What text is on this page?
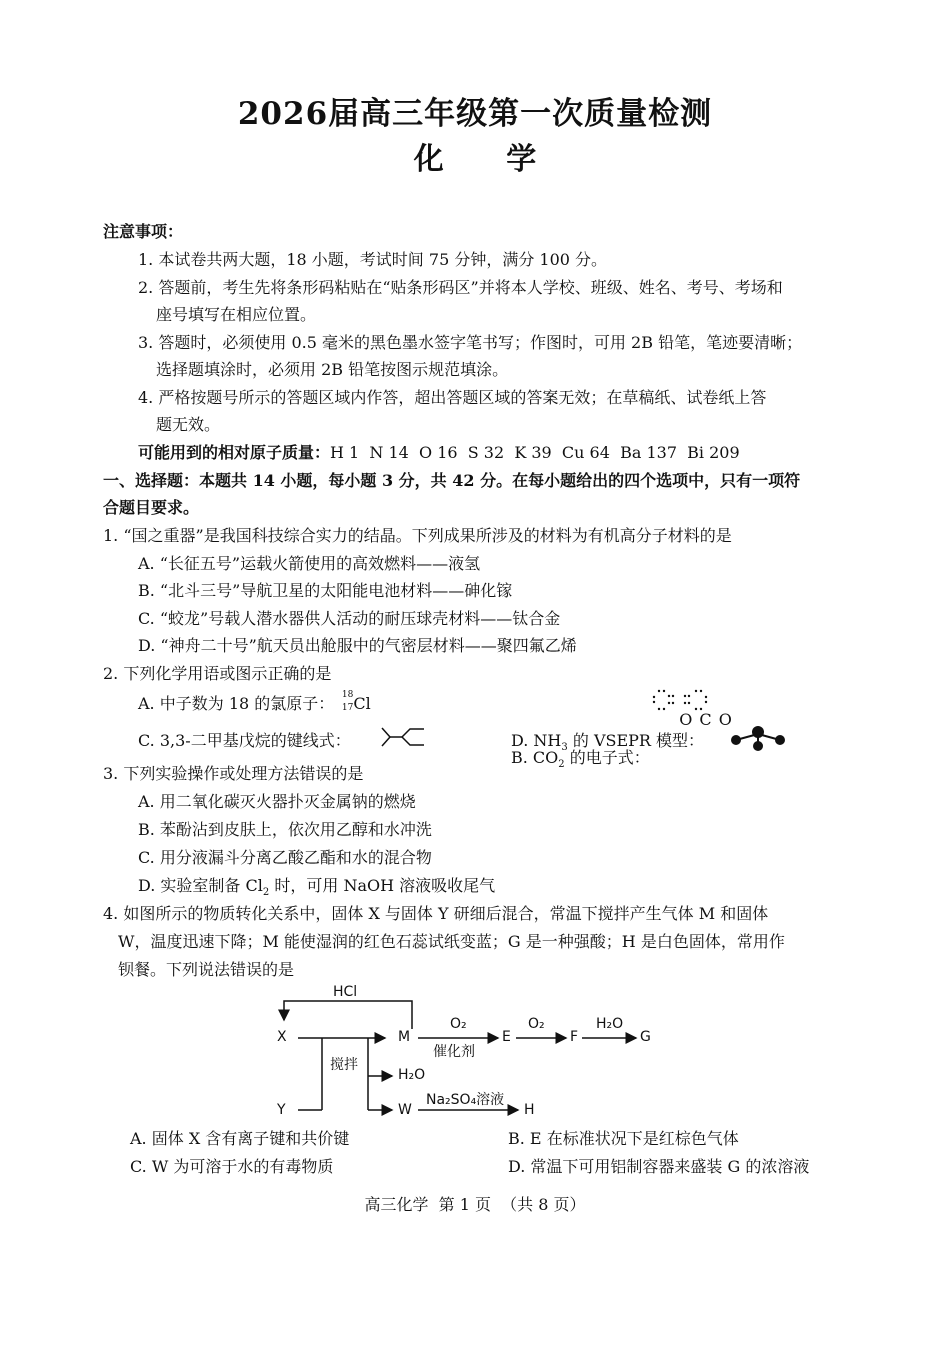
2026届高三年级第一次质量检测
化 学
注意事项：
1. 本试卷共两大题，18 小题，考试时间 75 分钟，满分 100 分。
2. 答题前，考生先将条形码粘贴在“贴条形码区”并将本人学校、班级、姓名、考号、考场和
座号填写在相应位置。
3. 答题时，必须使用 0.5 毫米的黑色墨水签字笔书写；作图时，可用 2B 铅笔，笔迹要清晰；
选择题填涂时，必须用 2B 铅笔按图示规范填涂。
4. 严格按题号所示的答题区域内作答，超出答题区域的答案无效；在草稿纸、试卷纸上答
题无效。
可能用到的相对原子质量：H 1  N 14  O 16  S 32  K 39  Cu 64  Ba 137  Bi 209
一、选择题：本题共 14 小题，每小题 3 分，共 42 分。在每小题给出的四个选项中，只有一项符
合题目要求。
1. “国之重器”是我国科技综合实力的结晶。下列成果所涉及的材料为有机高分子材料的是
A. “长征五号”运载火箭使用的高效燃料——液氢
B. “北斗三号”导航卫星的太阳能电池材料——砷化镓
C. “蛟龙”号载人潜水器供人活动的耐压球壳材料——钛合金
D. “神舟二十号”航天员出舱服中的气密层材料——聚四氟乙烯
2. 下列化学用语或图示正确的是
A. 中子数为 18 的氯原子： 18
17 Cl
B. $CO_2$ 的电子式：
O C O

C. 3,3-二甲基戊烷的键线式：	D. $NH_3$ 的 VSEPR 模型：
3. 下列实验操作或处理方法错误的是
A. 用二氧化碳灭火器扑灭金属钠的燃烧
B. 苯酚沾到皮肤上，依次用乙醇和水冲洗
C. 用分液漏斗分离乙酸乙酯和水的混合物
D. 实验室制备 $Cl_2$ 时，可用 NaOH 溶液吸收尾气
4. 如图所示的物质转化关系中，固体 X 与固体 Y 研细后混合，常温下搅拌产生气体 M 和固体
W，温度迅速下降；M 能使湿润的红色石蕊试纸变蓝；G 是一种强酸；H 是白色固体，常用作
钡餐。下列说法错误的是
HCl
X
Y
搅拌
M
O₂
催化剂
E
O₂
F
H₂O
G
H₂O
W
Na₂SO₄溶液
H
A. 固体 X 含有离子键和共价键	B. E 在标准状况下是红棕色气体
C. W 为可溶于水的有毒物质	D. 常温下可用铝制容器来盛装 G 的浓溶液
高三化学  第 1 页  （共 8 页）
